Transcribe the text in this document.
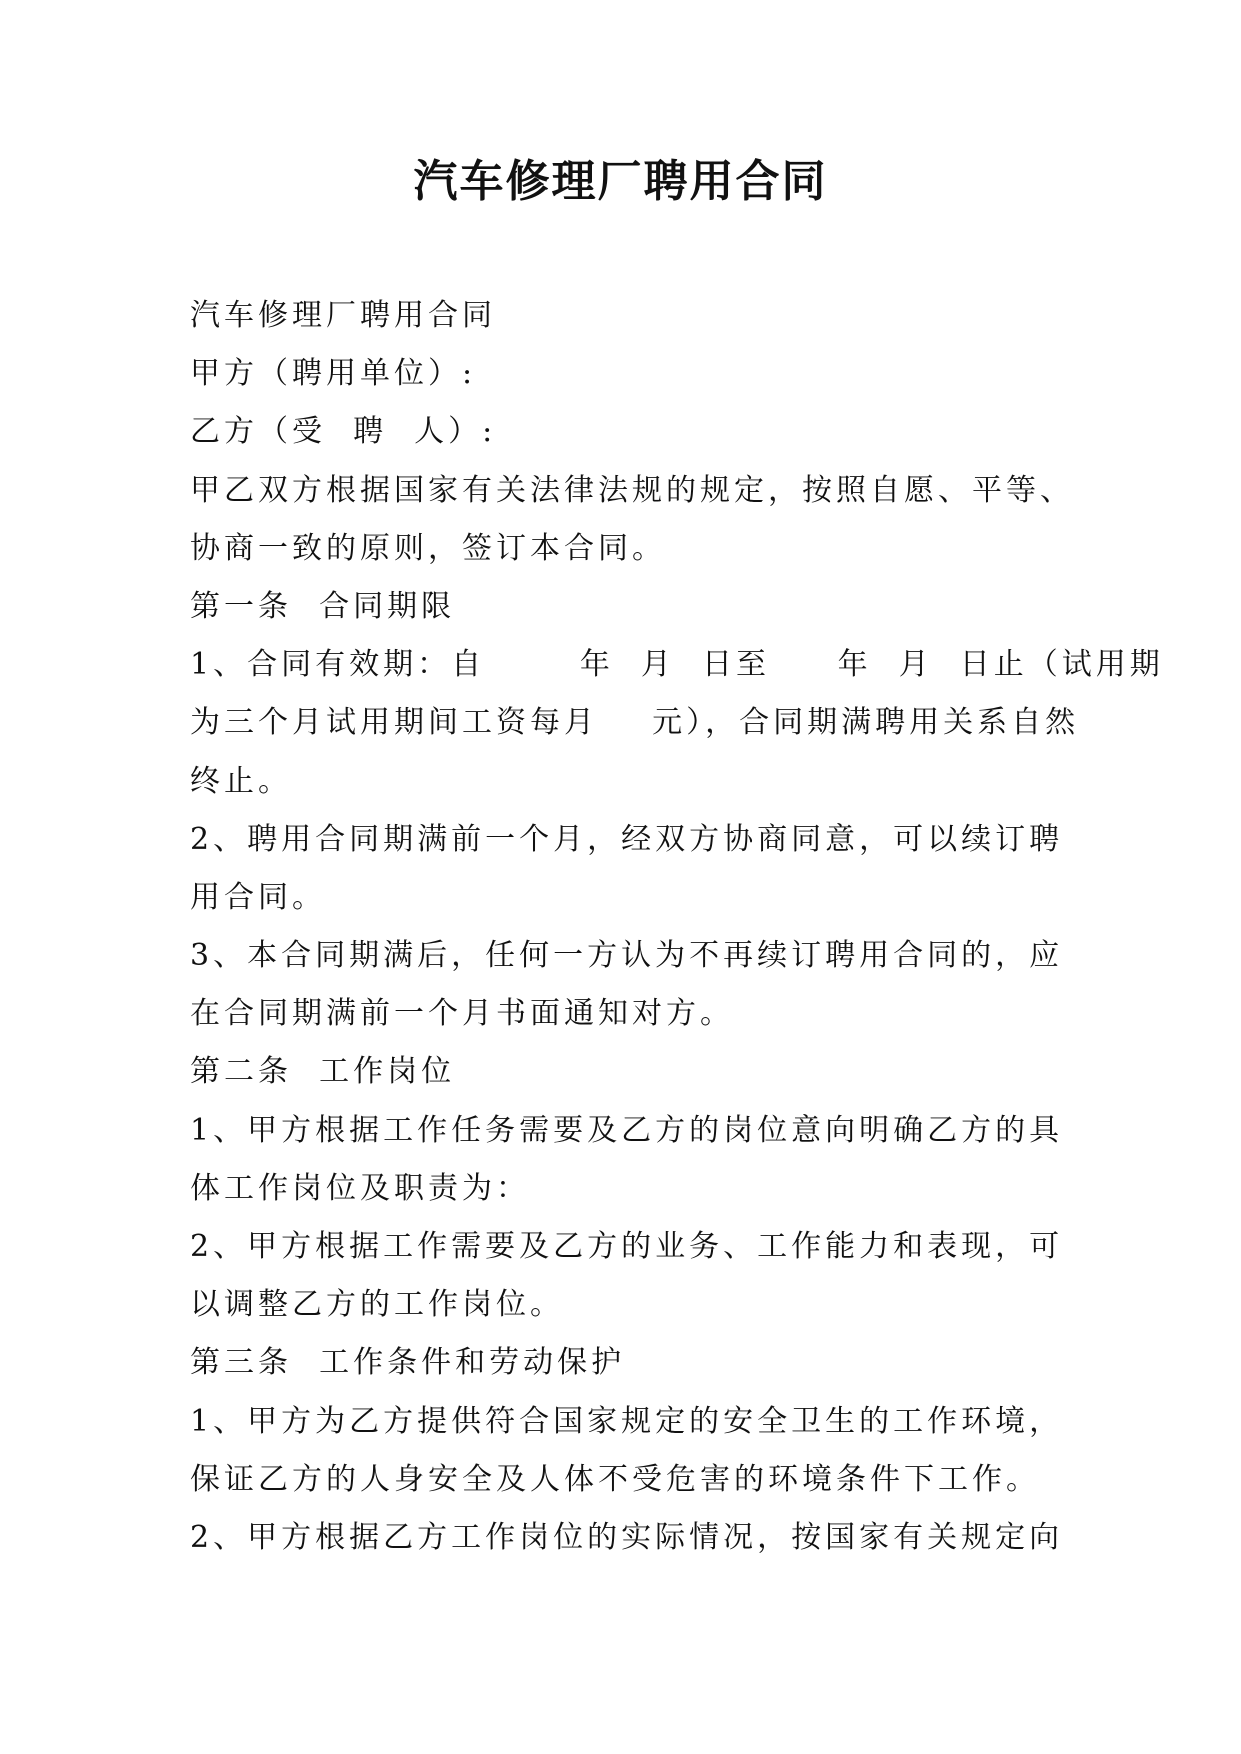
汽车修理厂聘用合同
汽车修理厂聘用合同
甲方（聘用单位）:
乙方（受  聘  人）:
甲乙双方根据国家有关法律法规的规定，按照自愿、平等、
协商一致的原则，签订本合同。
第一条  合同期限
1、合同有效期：自       年  月  日至     年  月  日止（试用期
为三个月试用期间工资每月    元），合同期满聘用关系自然
终止。
2、聘用合同期满前一个月，经双方协商同意，可以续订聘
用合同。
3、本合同期满后，任何一方认为不再续订聘用合同的，应
在合同期满前一个月书面通知对方。
第二条  工作岗位
1、甲方根据工作任务需要及乙方的岗位意向明确乙方的具
体工作岗位及职责为：
2、甲方根据工作需要及乙方的业务、工作能力和表现，可
以调整乙方的工作岗位。
第三条  工作条件和劳动保护
1、甲方为乙方提供符合国家规定的安全卫生的工作环境，
保证乙方的人身安全及人体不受危害的环境条件下工作。
2、甲方根据乙方工作岗位的实际情况，按国家有关规定向
